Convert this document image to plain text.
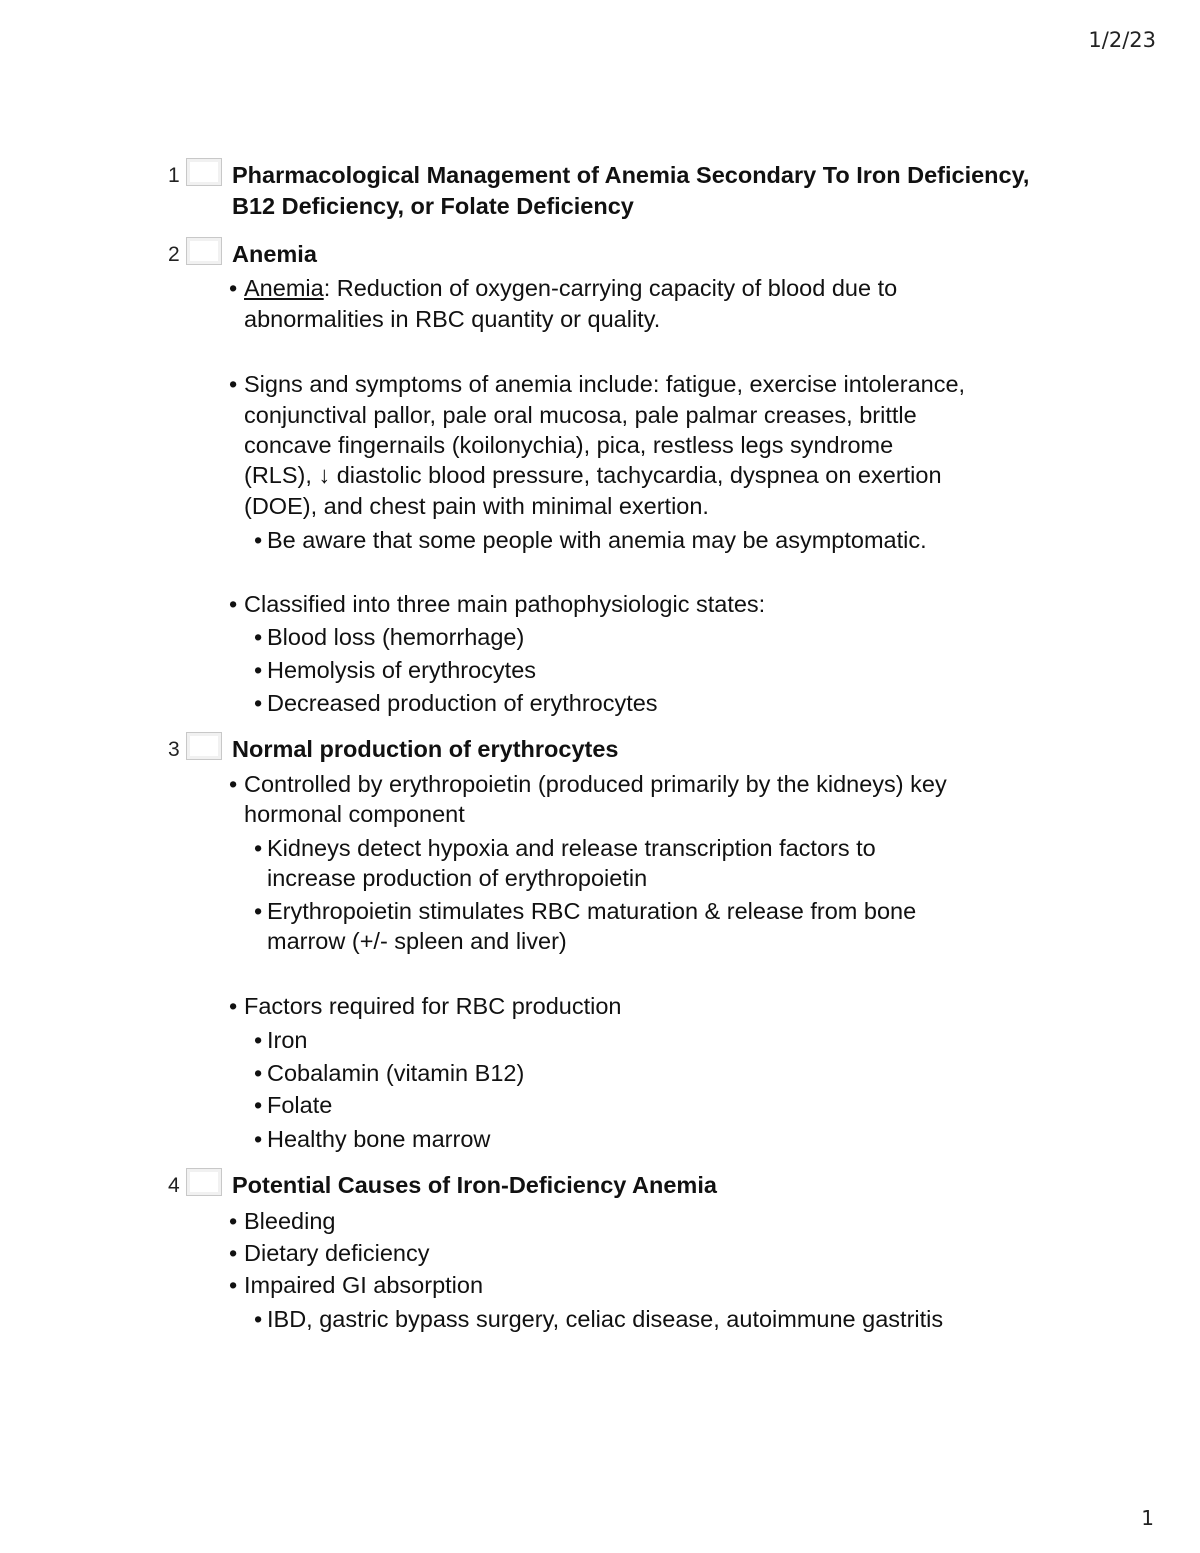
1/2/23
1 Pharmacological Management of Anemia Secondary To Iron Deficiency, B12 Deficiency, or Folate Deficiency
2 Anemia
• Anemia: Reduction of oxygen-carrying capacity of blood due to
abnormalities in RBC quantity or quality.
• Signs and symptoms of anemia include: fatigue, exercise intolerance,
conjunctival pallor, pale oral mucosa, pale palmar creases, brittle
concave fingernails (koilonychia), pica, restless legs syndrome
(RLS), ↓ diastolic blood pressure, tachycardia, dyspnea on exertion
(DOE), and chest pain with minimal exertion.
• Be aware that some people with anemia may be asymptomatic.
• Classified into three main pathophysiologic states:
• Blood loss (hemorrhage)
• Hemolysis of erythrocytes
• Decreased production of erythrocytes
3 Normal production of erythrocytes
• Controlled by erythropoietin (produced primarily by the kidneys) key
hormonal component
• Kidneys detect hypoxia and release transcription factors to
increase production of erythropoietin
• Erythropoietin stimulates RBC maturation & release from bone
marrow (+/- spleen and liver)
• Factors required for RBC production
• Iron
• Cobalamin (vitamin B12)
• Folate
• Healthy bone marrow
4 Potential Causes of Iron-Deficiency Anemia
• Bleeding
• Dietary deficiency
• Impaired GI absorption
• IBD, gastric bypass surgery, celiac disease, autoimmune gastritis
1
